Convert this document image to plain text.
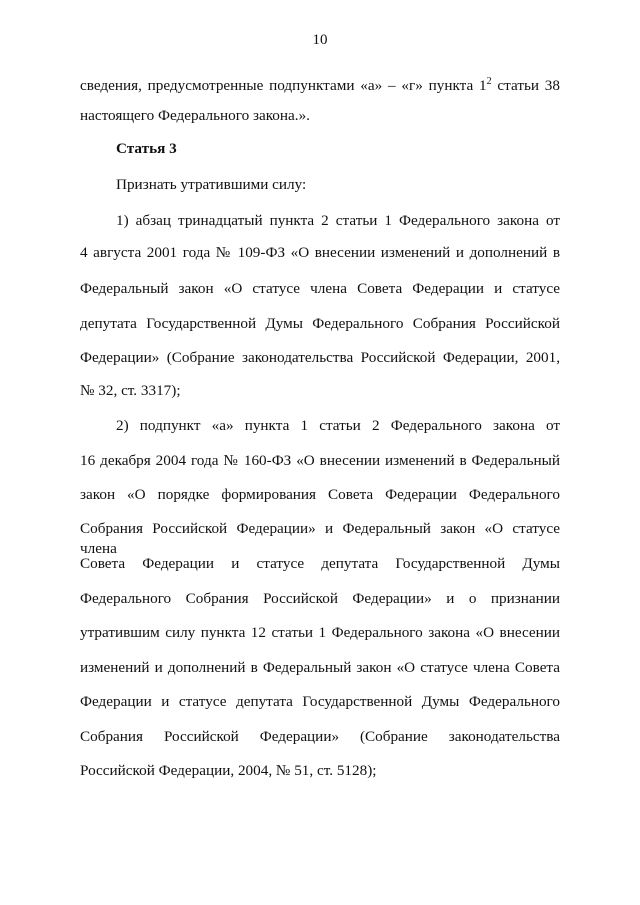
10
сведения, предусмотренные подпунктами «а» – «г» пункта $1^2$ статьи 38
настоящего Федерального закона.».
Статья 3
Признать утратившими силу:
1) абзац тринадцатый пункта 2 статьи 1 Федерального закона от
4 августа 2001 года № 109-ФЗ «О внесении изменений и дополнений в
Федеральный закон «О статусе члена Совета Федерации и статусе
депутата Государственной Думы Федерального Собрания Российской
Федерации» (Собрание законодательства Российской Федерации, 2001,
№ 32, ст. 3317);
2) подпункт «а» пункта 1 статьи 2 Федерального закона от
16 декабря 2004 года № 160-ФЗ «О внесении изменений в Федеральный
закон «О порядке формирования Совета Федерации Федерального
Собрания Российской Федерации» и Федеральный закон «О статусе члена
Совета Федерации и статусе депутата Государственной Думы
Федерального Собрания Российской Федерации» и о признании
утратившим силу пункта 12 статьи 1 Федерального закона «О внесении
изменений и дополнений в Федеральный закон «О статусе члена Совета
Федерации и статусе депутата Государственной Думы Федерального
Собрания Российской Федерации» (Собрание законодательства
Российской Федерации, 2004, № 51, ст. 5128);
